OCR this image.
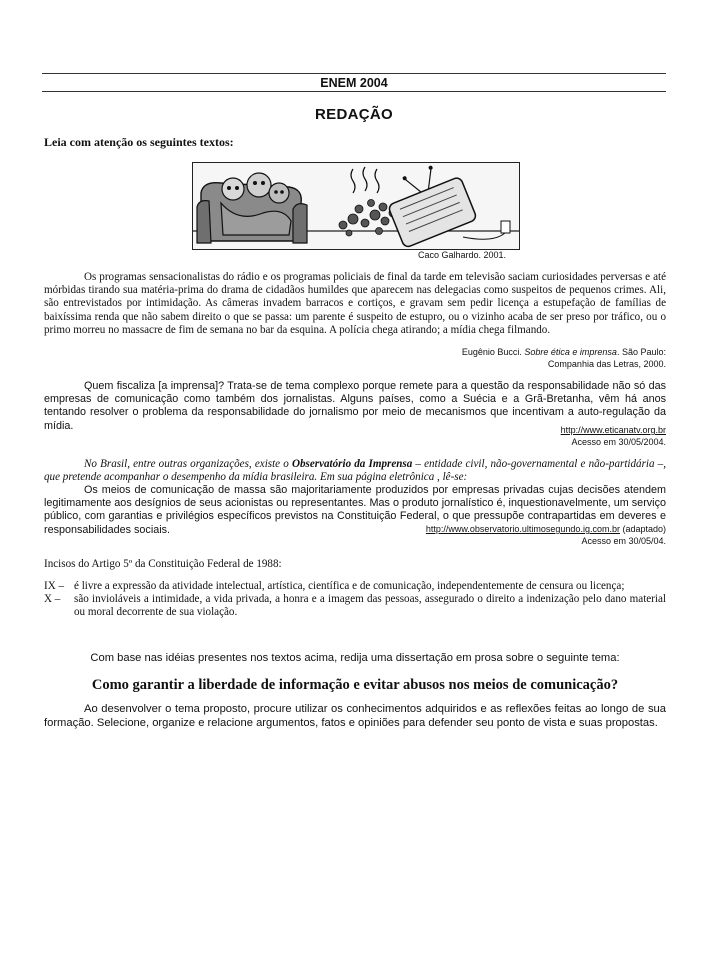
ENEM 2004
REDAÇÃO
Leia com atenção os seguintes textos:
Caco Galhardo. 2001.

Os programas sensacionalistas do rádio e os programas policiais de final da tarde em televisão saciam curiosidades perversas e até mórbidas tirando sua matéria-prima do drama de cidadãos humildes que aparecem nas delegacias como suspeitos de pequenos crimes. Ali, são entrevistados por intimidação. As câmeras invadem barracos e cortiços, e gravam sem pedir licença a estupefação de famílias de baixíssima renda que não sabem direito o que se passa: um parente é suspeito de estupro, ou o vizinho acaba de ser preso por tráfico, ou o primo morreu no massacre de fim de semana no bar da esquina. A polícia chega atirando; a mídia chega filmando.

Eugênio Bucci. Sobre ética e imprensa. São Paulo:
Companhia das Letras, 2000.

Quem fiscaliza [a imprensa]? Trata-se de tema complexo porque remete para a questão da responsabilidade não só das empresas de comunicação como também dos jornalistas. Alguns países, como a Suécia e a Grã-Bretanha, vêm há anos tentando resolver o problema da responsabilidade do jornalismo por meio de mecanismos que incentivam a auto-regulação da mídia.	http://www.eticanatv.org.br
Acesso em 30/05/2004.

No Brasil, entre outras organizações, existe o Observatório da Imprensa – entidade civil, não-governamental e não-partidária –, que pretende acompanhar o desempenho da mídia brasileira. Em sua página eletrônica , lê-se:

Os meios de comunicação de massa são majoritariamente produzidos por empresas privadas cujas decisões atendem legitimamente aos desígnios de seus acionistas ou representantes. Mas o produto jornalístico é, inquestionavelmente, um serviço público, com garantias e privilégios específicos previstos na Constituição Federal, o que pressupõe contrapartidas em deveres e responsabilidades sociais.	http://www.observatorio.ultimosegundo.ig.com.br (adaptado)
Acesso em 30/05/04.
Incisos do Artigo 5º da Constituição Federal de 1988:
IX – é livre a expressão da atividade intelectual, artística, científica e de comunicação, independentemente de censura ou licença;
X –	são invioláveis a intimidade, a vida privada, a honra e a imagem das pessoas, assegurado o direito a indenização pelo dano material ou moral decorrente de sua violação.
Com base nas idéias presentes nos textos acima, redija uma dissertação em prosa sobre o seguinte tema:
Como garantir a liberdade de informação e evitar abusos nos meios de comunicação?

Ao desenvolver o tema proposto, procure utilizar os conhecimentos adquiridos e as reflexões feitas ao longo de sua formação. Selecione, organize e relacione argumentos, fatos e opiniões para defender seu ponto de vista e suas propostas.
